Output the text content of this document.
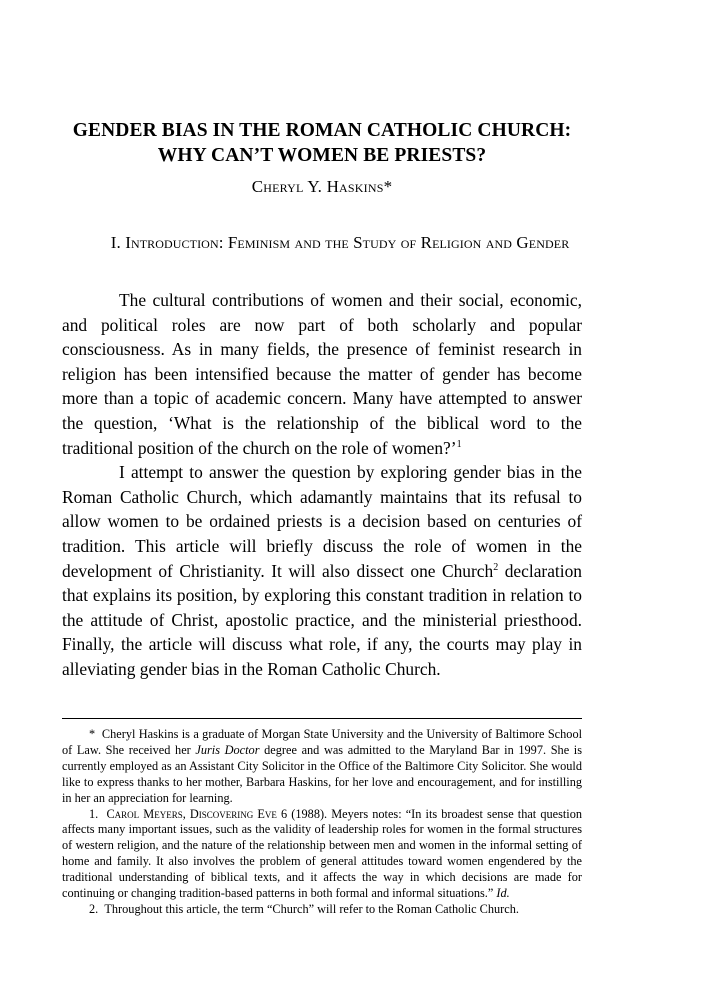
GENDER BIAS IN THE ROMAN CATHOLIC CHURCH: WHY CAN’T WOMEN BE PRIESTS?
Cheryl Y. Haskins*
I. Introduction: Feminism and the Study of Religion and Gender

The cultural contributions of women and their social, economic, and political roles are now part of both scholarly and popular consciousness. As in many fields, the presence of feminist research in religion has been intensified because the matter of gender has become more than a topic of academic concern. Many have attempted to answer the question, ‘What is the relationship of the biblical word to the traditional position of the church on the role of women?’$^1$

I attempt to answer the question by exploring gender bias in the Roman Catholic Church, which adamantly maintains that its refusal to allow women to be ordained priests is a decision based on centuries of tradition. This article will briefly discuss the role of women in the development of Christianity. It will also dissect one Church$^2$ declaration that explains its position, by exploring this constant tradition in relation to the attitude of Christ, apostolic practice, and the ministerial priesthood. Finally, the article will discuss what role, if any, the courts may play in alleviating gender bias in the Roman Catholic Church.

* Cheryl Haskins is a graduate of Morgan State University and the University of Baltimore School of Law. She received her Juris Doctor degree and was admitted to the Maryland Bar in 1997. She is currently employed as an Assistant City Solicitor in the Office of the Baltimore City Solicitor. She would like to express thanks to her mother, Barbara Haskins, for her love and encouragement, and for instilling in her an appreciation for learning.

1. Carol Meyers, Discovering Eve 6 (1988). Meyers notes: “In its broadest sense that question affects many important issues, such as the validity of leadership roles for women in the formal structures of western religion, and the nature of the relationship between men and women in the informal setting of home and family. It also involves the problem of general attitudes toward women engendered by the traditional understanding of biblical texts, and it affects the way in which decisions are made for continuing or changing tradition-based patterns in both formal and informal situations.” Id.

2. Throughout this article, the term “Church” will refer to the Roman Catholic Church.
